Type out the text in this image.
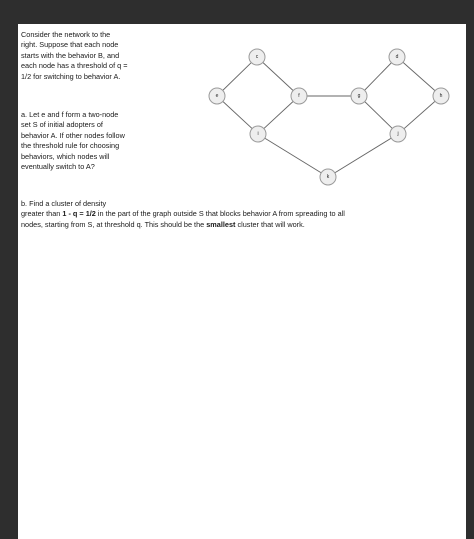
Consider the network to the
right. Suppose that each node
starts with the behavior B, and
each node has a threshold of q =
1/2 for switching to behavior A.
a. Let e and f form a two-node
set S of initial adopters of
behavior A. If other nodes follow
the threshold rule for choosing
behaviors, which nodes will
eventually switch to A?
b. Find a cluster of density
greater than 1 - q = 1/2 in the part of the graph outside S that blocks behavior A from spreading to all
nodes, starting from S, at threshold q. This should be the smallest cluster that will work.
c	d
e	f	g	h
i	j
k
